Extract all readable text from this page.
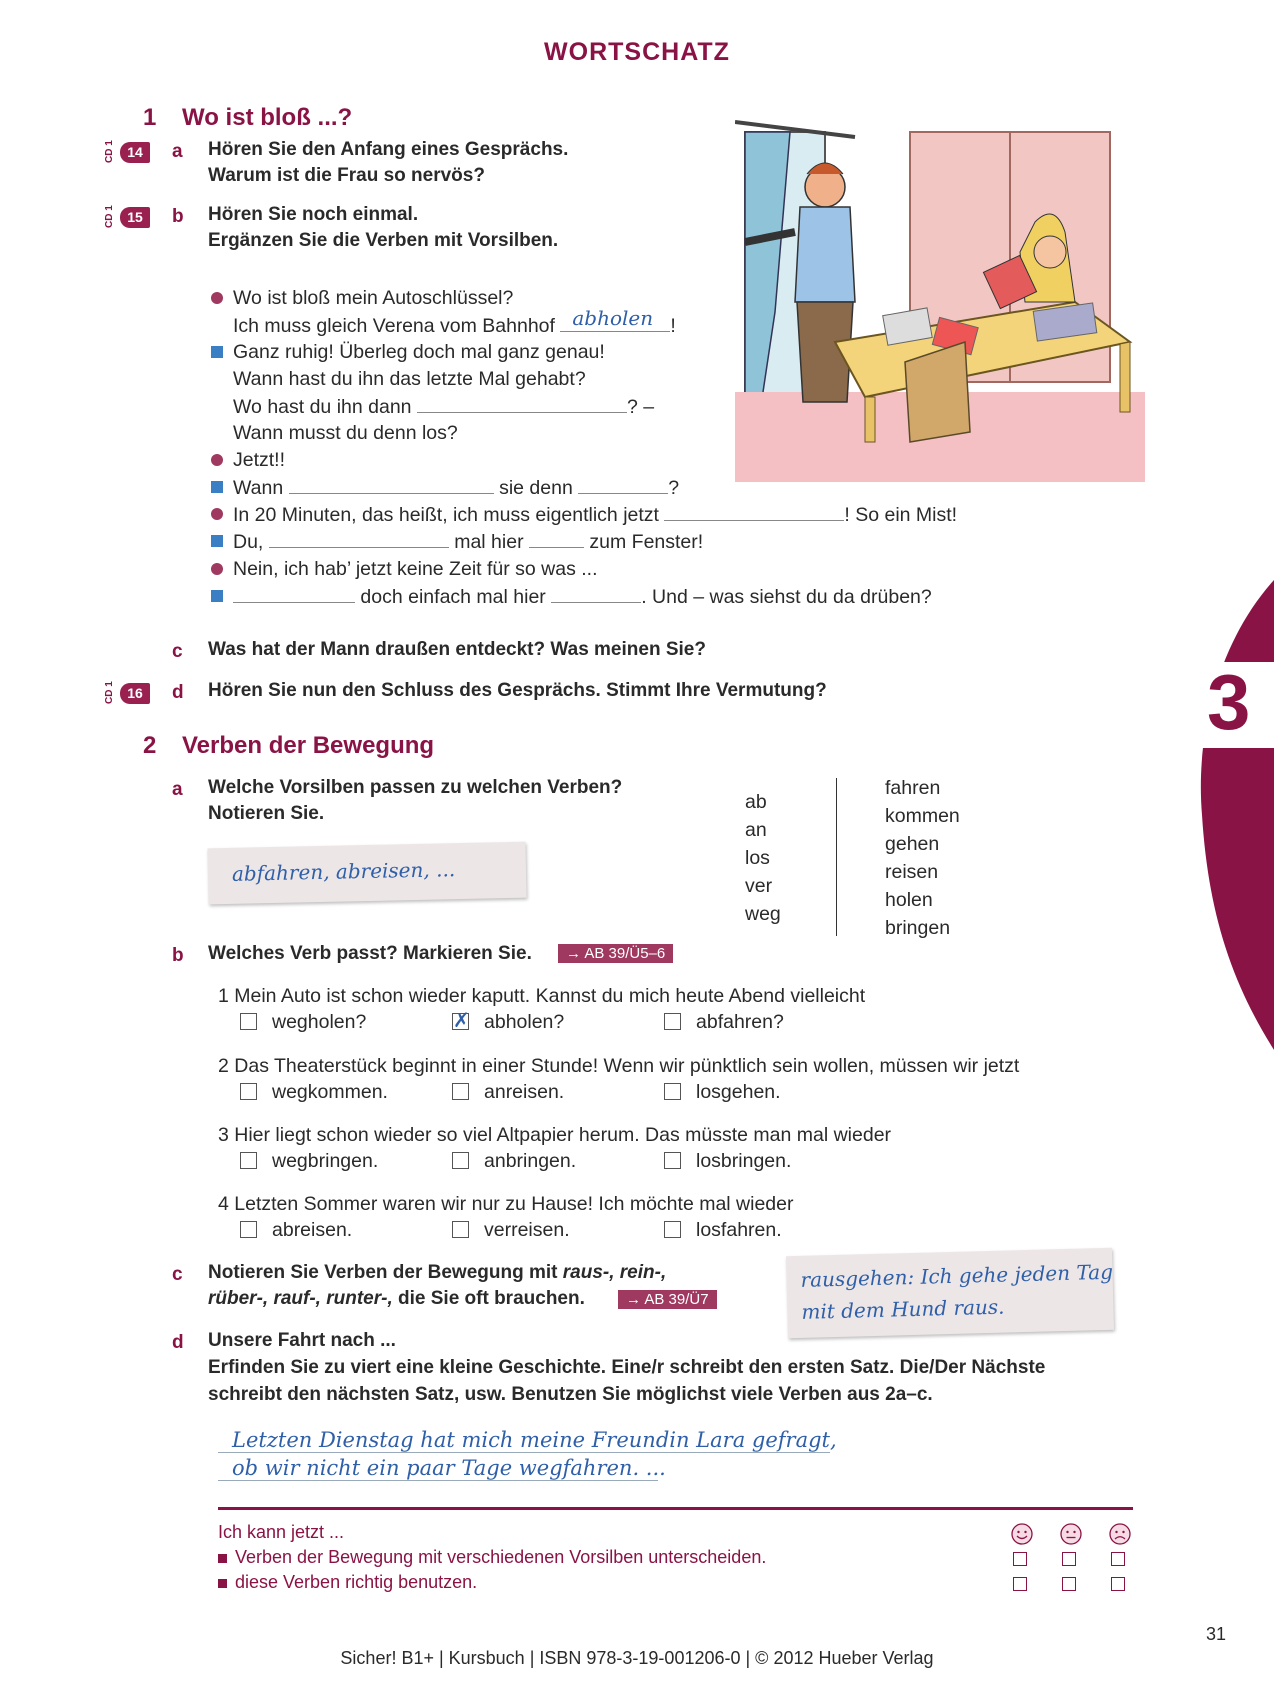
3
WORTSCHATZ
1 Wo ist bloß ...?
CD 1 14	a Hören Sie den Anfang eines Gesprächs.
Warum ist die Frau so nervös?
CD 1 15	b Hören Sie noch einmal.
Ergänzen Sie die Verben mit Vorsilben.
Wo ist bloß mein Autoschlüssel?
Ich muss gleich Verena vom Bahnhof abholen !
Ganz ruhig! Überleg doch mal ganz genau!
Wann hast du ihn das letzte Mal gehabt?
Wo hast du ihn dann	? –
Wann musst du denn los?
Jetzt!!
Wann	sie denn	?
In 20 Minuten, das heißt, ich muss eigentlich jetzt	! So ein Mist!
Du,	mal hier	zum Fenster!
Nein, ich hab’ jetzt keine Zeit für so was ...
doch einfach mal hier	. Und – was siehst du da drüben?
c Was hat der Mann draußen entdeckt? Was meinen Sie?
CD 1 16	d Hören Sie nun den Schluss des Gesprächs. Stimmt Ihre Vermutung?
2 Verben der Bewegung
a Welche Vorsilben passen zu welchen Verben?
Notieren Sie.
abfahren, abreisen, ...
ab
an
los
ver
weg
fahren
kommen
gehen
reisen
holen
bringen
b Welches Verb passt? Markieren Sie.	→ AB 39/Ü5–6
1 Mein Auto ist schon wieder kaputt. Kannst du mich heute Abend vielleicht
wegholen?	✗ abholen?	abfahren?
2 Das Theaterstück beginnt in einer Stunde! Wenn wir pünktlich sein wollen, müssen wir jetzt
wegkommen.	anreisen.	losgehen.
3 Hier liegt schon wieder so viel Altpapier herum. Das müsste man mal wieder
wegbringen.	anbringen.	losbringen.
4 Letzten Sommer waren wir nur zu Hause! Ich möchte mal wieder
abreisen.	verreisen.	losfahren.
c Notieren Sie Verben der Bewegung mit raus-, rein-,
rüber-, rauf-, runter-, die Sie oft brauchen.	→ AB 39/Ü7
rausgehen: Ich gehe jeden Tag
mit dem Hund raus.
d Unsere Fahrt nach ...
Erfinden Sie zu viert eine kleine Geschichte. Eine/r schreibt den ersten Satz. Die/Der Nächste
schreibt den nächsten Satz, usw. Benutzen Sie möglichst viele Verben aus 2a–c.
Letzten Dienstag hat mich meine Freundin Lara gefragt,
ob wir nicht ein paar Tage wegfahren. ...
Ich kann jetzt ...
Verben der Bewegung mit verschiedenen Vorsilben unterscheiden.
diese Verben richtig benutzen.
31
Sicher! B1+ | Kursbuch | ISBN 978-3-19-001206-0 | © 2012 Hueber Verlag
